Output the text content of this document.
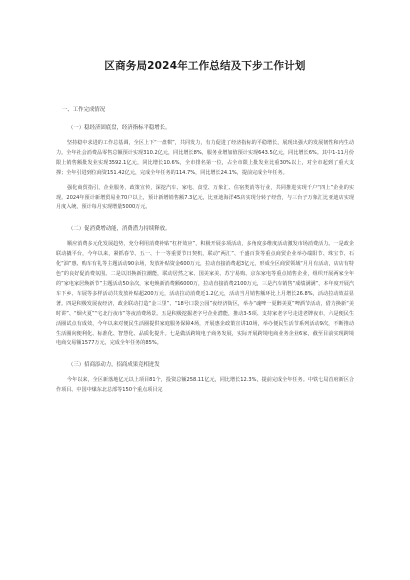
区商务局2024年工作总结及下步工作计划
一、工作完成情况
（一）稳经济固底盘，经济指标平稳增长。

坚持稳中求进的工作总基调，全区上下“一盘棋”，共同发力，有力促进了经济指标的平稳增长，展现出强大的发展韧性和内生动力。全年社会消费品零售总额预计实现310.2亿元，同比增长8%，服务业增加值预计实现643.5亿元，同比增长6%。其中1-11月份限上销售额批发业实现3592.1亿元，同比增长10.6%，全市排名第一位，占全市限上批发业比重30%以上，对全市起到了重大支撑；全年引进到位商资151.42亿元，完成全年任务的114.7%，同比增长24.1%，提前完成全年任务。

强化商贸指引，企业服务，政策宣传，深挖汽车、家电、食堂、万象汇、住宿类消等行业，共同推进实现千户“四上”企业的实现。2024年预计新增贸易业70户以上，预计新增销售额7.3亿元，比亚迪海洋45店实现分转子经营，与三台子万象汇比亚迪店实现月度入统，预计每月实现增量5000万元。

（二）促消费增动能，消费潜力持续释放。

顺应消费多元化发展趋势，充分利用消费补贴“杠杆效应”，积极开展多项活动，多角度多维度活动激发市场消费活力。一是政企联动撬平台，今年以来，紧抓春节、五一、十一等重要节日契机，联动“两汇”、千盛百货等重点商贸企业举办端阳节、珠宝节、石化“油”惠、购车有礼等主题活动90余场，发放补贴资金600万元，拉动直接消费超3亿元，形成全区商贸领域“月月有活动，店店有特色”的良好促消费氛围。二是以旧换新拉潮能，联动居然之家、国美家美、苏宁易购、京东家电等重点销售企业，组织开展两家全年的“家电家居焕新节”主题活动50余次，家电焕新消费额6000万，拉动直接消费2100万元，三是汽车销售“成绩满满”，本年度开展汽车下乡、车展等多样活动共发放补贴超200万元，活动拉动消费近1.2亿元，活动当月销售额环比上月增长26.8%，活动拉动效益显著。四是积极发展夜经济，政企联动打造“金三里”、“18号口袋公园”夜经济街区，举办“魂啤一夏醉美夏”啤酒节活动，借力换新“美时讲”、“烟火夏”“宅北行夜市”等夜消费场景。五是积极挖掘老字号企业潜能，推动3-5项、支持家老字号走进老牌夜市，六是便民生活圈试点有成效，今年以来对便民生活圈提供家庭服务保障4场，开展惠企政策宣讲10场，举办便民生活节系列活动9次，不断推动生活圈向便利化、标准化、智慧化、品质化提升。七是做活跨境电子商务发展，实际开展跨境电商业务企业6家，截至目前实现跨境电商交易额1577万元，完成全年任务的85%。

（三）招商添动力，招商成果竞相迸发

今年以来，全区新落地亿元以上项目81个，投资总额258.11亿元，同比增长12.3%，提前完成全年任务。中铁七局首府新区合作项目、中国中煤东北总部等150个重点项目完
